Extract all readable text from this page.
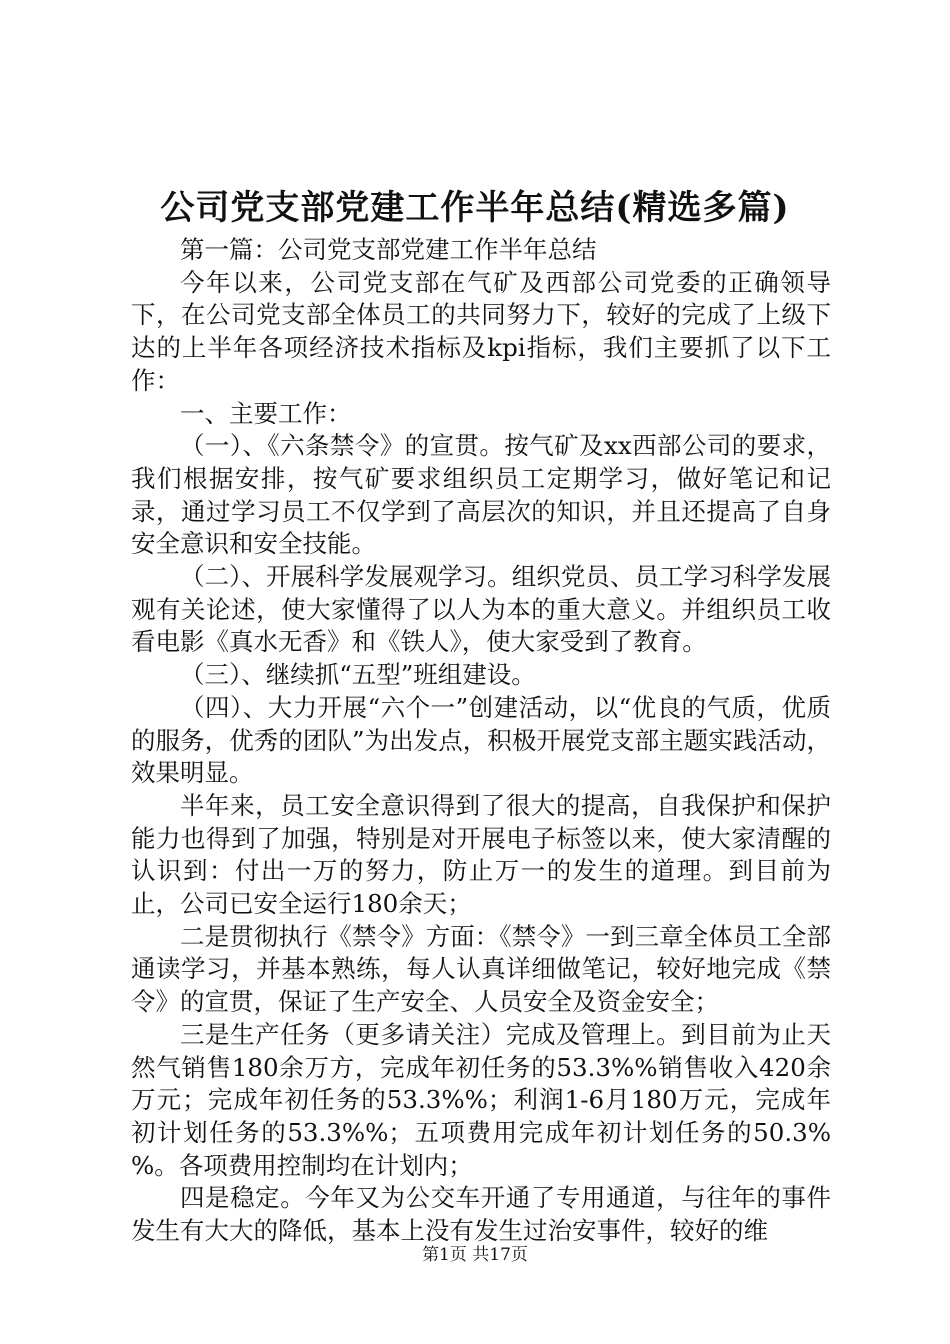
公司党支部党建工作半年总结(精选多篇)

第一篇：公司党支部党建工作半年总结

今年以来，公司党支部在气矿及西部公司党委的正确领导下，在公司党支部全体员工的共同努力下，较好的完成了上级下达的上半年各项经济技术指标及kpi指标，我们主要抓了以下工作：

一、主要工作：

（一）、《六条禁令》的宣贯。按气矿及xx西部公司的要求，我们根据安排，按气矿要求组织员工定期学习，做好笔记和记录，通过学习员工不仅学到了高层次的知识，并且还提高了自身安全意识和安全技能。

（二）、开展科学发展观学习。组织党员、员工学习科学发展观有关论述，使大家懂得了以人为本的重大意义。并组织员工收看电影《真水无香》和《铁人》，使大家受到了教育。

（三）、继续抓“五型”班组建设。

（四）、大力开展“六个一”创建活动，以“优良的气质，优质的服务，优秀的团队”为出发点，积极开展党支部主题实践活动，效果明显。

半年来，员工安全意识得到了很大的提高，自我保护和保护能力也得到了加强，特别是对开展电子标签以来，使大家清醒的认识到：付出一万的努力，防止万一的发生的道理。到目前为止，公司已安全运行180余天；

二是贯彻执行《禁令》方面：《禁令》一到三章全体员工全部通读学习，并基本熟练，每人认真详细做笔记，较好地完成《禁令》的宣贯，保证了生产安全、人员安全及资金安全；

三是生产任务（更多请关注）完成及管理上。到目前为止天然气销售180余万方，完成年初任务的53.3%%销售收入420余万元；完成年初任务的53.3%%；利润1-6月180万元，完成年初计划任务的53.3%%；五项费用完成年初计划任务的50.3%%。各项费用控制均在计划内；

四是稳定。今年又为公交车开通了专用通道，与往年的事件发生有大大的降低，基本上没有发生过治安事件，较好的维

第1页 共17页
